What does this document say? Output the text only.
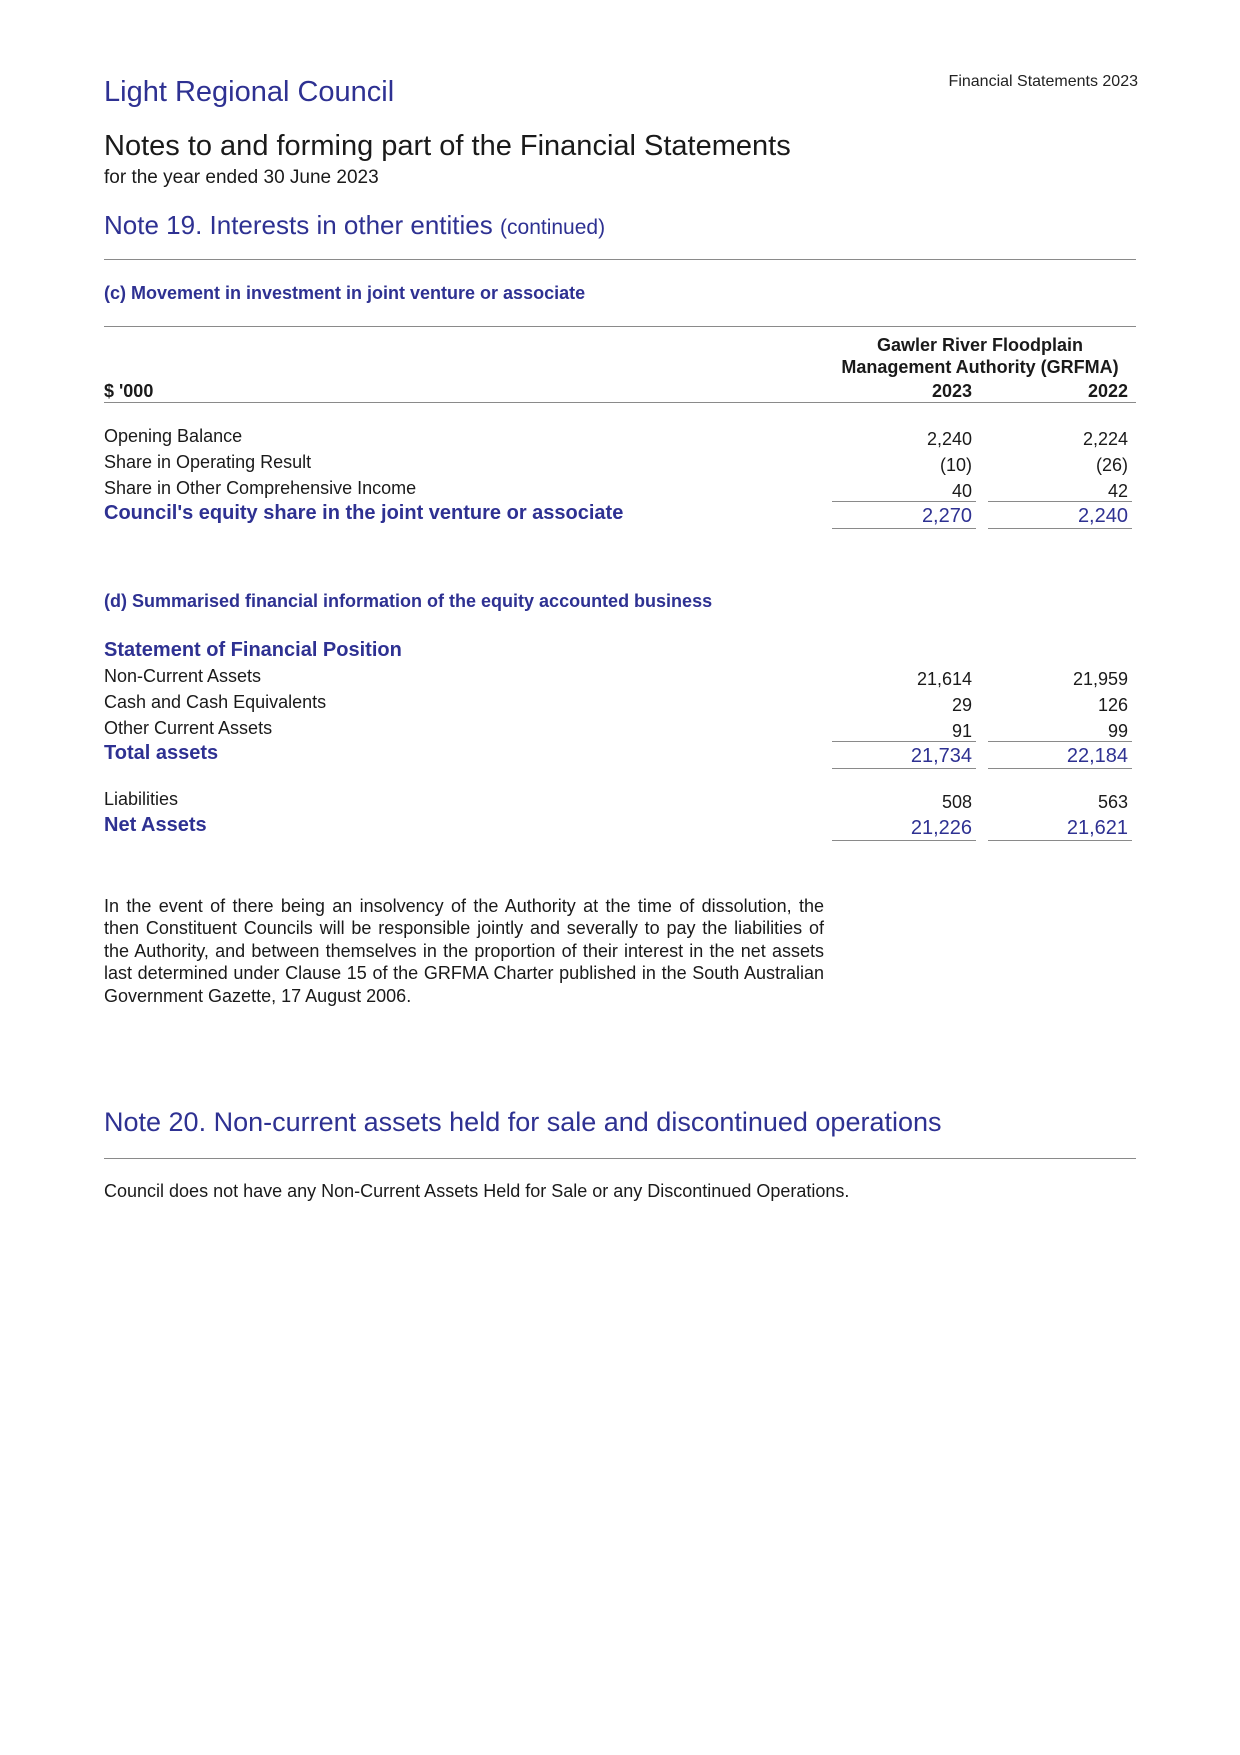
Light Regional Council	Financial Statements 2023
Notes to and forming part of the Financial Statements
for the year ended 30 June 2023
Note 19. Interests in other entities (continued)
(c) Movement in investment in joint venture or associate
Gawler River Floodplain
Management Authority (GRFMA)
$ '000	2023	2022
Opening Balance	2,240	2,224
Share in Operating Result	(10)	(26)
Share in Other Comprehensive Income	40	42
Council's equity share in the joint venture or associate	2,270	2,240
(d) Summarised financial information of the equity accounted business
Statement of Financial Position
Non-Current Assets	21,614	21,959
Cash and Cash Equivalents	29	126
Other Current Assets	91	99
Total assets	21,734	22,184
Liabilities	508	563
Net Assets	21,226	21,621
In the event of there being an insolvency of the Authority at the time of dissolution, the then Constituent Councils will be responsible jointly and severally to pay the liabilities of the Authority, and between themselves in the proportion of their interest in the net assets last determined under Clause 15 of the GRFMA Charter published in the South Australian Government Gazette, 17 August 2006.
Note 20. Non-current assets held for sale and discontinued operations
Council does not have any Non-Current Assets Held for Sale or any Discontinued Operations.
